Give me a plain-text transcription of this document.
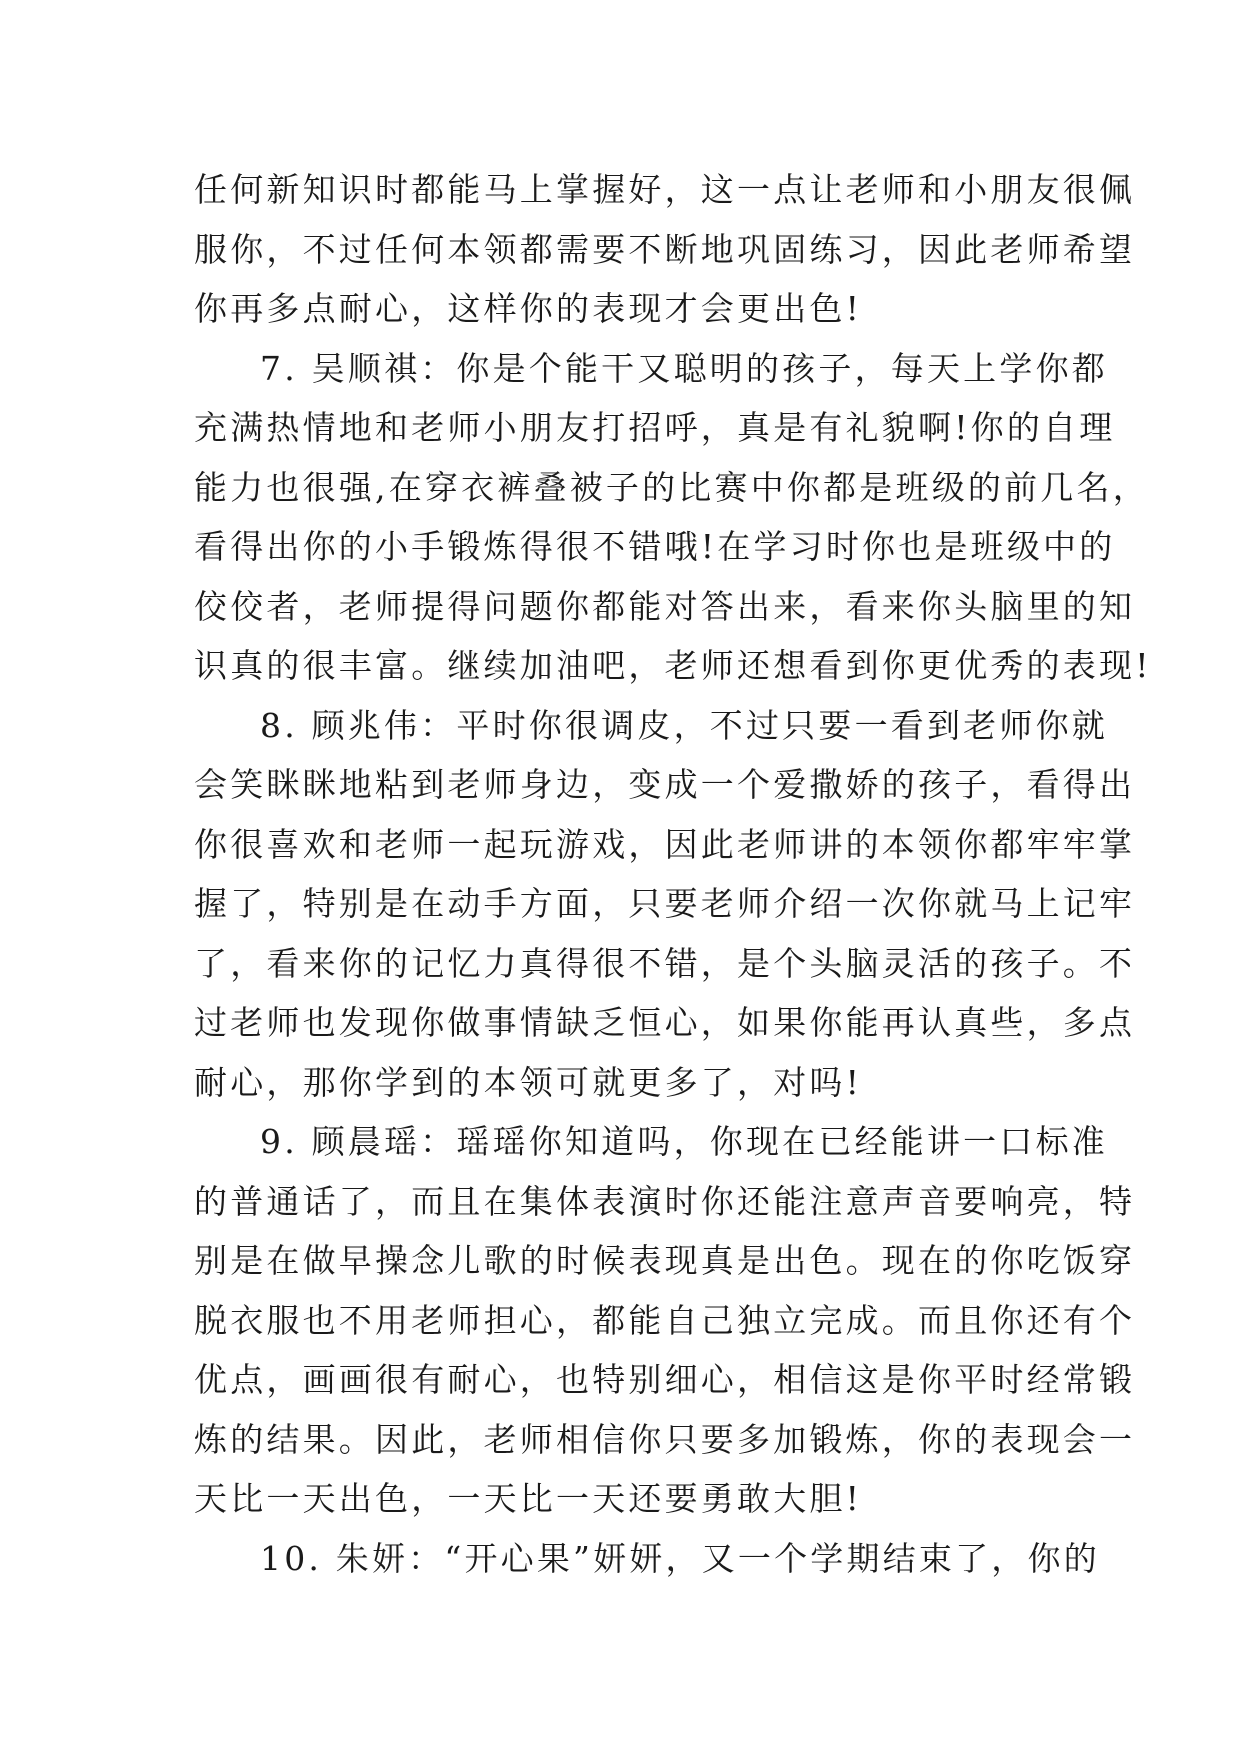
任何新知识时都能马上掌握好，这一点让老师和小朋友很佩
服你，不过任何本领都需要不断地巩固练习，因此老师希望
你再多点耐心，这样你的表现才会更出色!
7. 吴顺祺：你是个能干又聪明的孩子，每天上学你都
充满热情地和老师小朋友打招呼，真是有礼貌啊!你的自理
能力也很强,在穿衣裤叠被子的比赛中你都是班级的前几名，
看得出你的小手锻炼得很不错哦!在学习时你也是班级中的
佼佼者，老师提得问题你都能对答出来，看来你头脑里的知
识真的很丰富。继续加油吧，老师还想看到你更优秀的表现!
8. 顾兆伟：平时你很调皮，不过只要一看到老师你就
会笑眯眯地粘到老师身边，变成一个爱撒娇的孩子，看得出
你很喜欢和老师一起玩游戏，因此老师讲的本领你都牢牢掌
握了，特别是在动手方面，只要老师介绍一次你就马上记牢
了，看来你的记忆力真得很不错，是个头脑灵活的孩子。不
过老师也发现你做事情缺乏恒心，如果你能再认真些，多点
耐心，那你学到的本领可就更多了，对吗!
9. 顾晨瑶：瑶瑶你知道吗，你现在已经能讲一口标准
的普通话了，而且在集体表演时你还能注意声音要响亮，特
别是在做早操念儿歌的时候表现真是出色。现在的你吃饭穿
脱衣服也不用老师担心，都能自己独立完成。而且你还有个
优点，画画很有耐心，也特别细心，相信这是你平时经常锻
炼的结果。因此，老师相信你只要多加锻炼，你的表现会一
天比一天出色，一天比一天还要勇敢大胆!
10. 朱妍：“开心果”妍妍，又一个学期结束了，你的
